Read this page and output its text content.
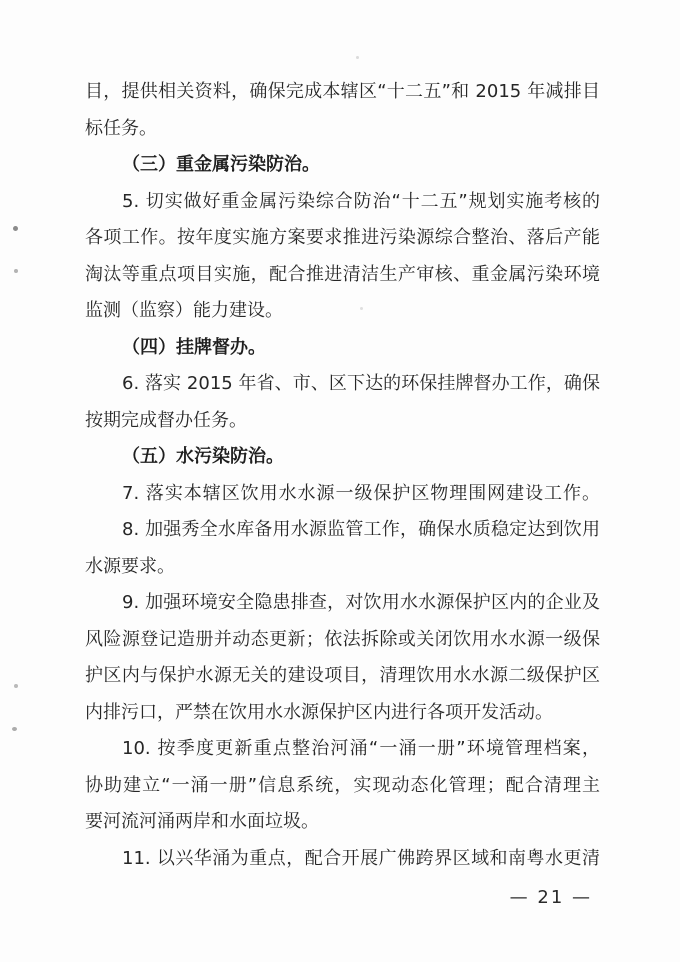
目，提供相关资料，确保完成本辖区“十二五”和 2015 年减排目
标任务。
（三）重金属污染防治。
5. 切实做好重金属污染综合防治“十二五”规划实施考核的
各项工作。按年度实施方案要求推进污染源综合整治、落后产能
淘汰等重点项目实施，配合推进清洁生产审核、重金属污染环境
监测（监察）能力建设。
（四）挂牌督办。
6. 落实 2015 年省、市、区下达的环保挂牌督办工作，确保
按期完成督办任务。
（五）水污染防治。
7. 落实本辖区饮用水水源一级保护区物理围网建设工作。
8. 加强秀全水库备用水源监管工作，确保水质稳定达到饮用
水源要求。
9. 加强环境安全隐患排查，对饮用水水源保护区内的企业及
风险源登记造册并动态更新；依法拆除或关闭饮用水水源一级保
护区内与保护水源无关的建设项目，清理饮用水水源二级保护区
内排污口，严禁在饮用水水源保护区内进行各项开发活动。
10. 按季度更新重点整治河涌“一涌一册”环境管理档案，
协助建立“一涌一册”信息系统，实现动态化管理；配合清理主
要河流河涌两岸和水面垃圾。
11. 以兴华涌为重点，配合开展广佛跨界区域和南粤水更清
— 21 —
